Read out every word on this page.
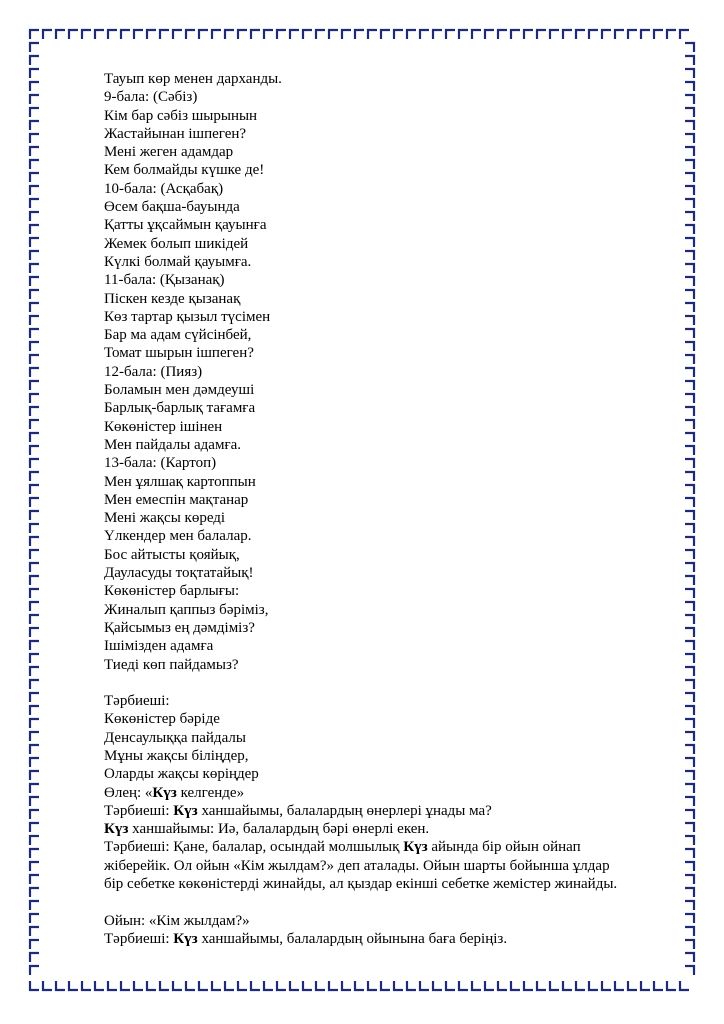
Тауып көр менен дарханды.
9-бала: (Сәбіз)
Кім бар сәбіз шырынын
Жастайынан ішпеген?
Мені жеген адамдар
Кем болмайды күшке де!
10-бала: (Асқабақ)
Өсем бақша-бауында
Қатты ұқсаймын қауынға
Жемек болып шикідей
Күлкі болмай қауымға.
11-бала: (Қызанақ)
Піскен кезде қызанақ
Көз тартар қызыл түсімен
Бар ма адам сүйсінбей,
Томат шырын ішпеген?
12-бала: (Пияз)
Боламын мен дәмдеуші
Барлық-барлық тағамға
Көкөністер ішінен
Мен пайдалы адамға.
13-бала: (Картоп)
Мен ұялшақ картоппын
Мен емеспін мақтанар
Мені жақсы көреді
Үлкендер мен балалар.
Бос айтысты қояйық,
Дауласуды тоқтатайық!
Көкөністер барлығы:
Жиналып қаппыз бәріміз,
Қайсымыз ең дәмдіміз?
Ішімізден адамға
Тиеді көп пайдамыз?
Тәрбиеші:
Көкөністер бәріде
Денсаулыққа пайдалы
Мұны жақсы біліңдер,
Оларды жақсы көріңдер
Өлең: «Күз келгенде»
Тәрбиеші: Күз ханшайымы, балалардың өнерлері ұнады ма?
Күз ханшайымы: Иә, балалардың бәрі өнерлі екен.
Тәрбиеші: Қане, балалар, осындай молшылық Күз айында бір ойын ойнап
жіберейік. Ол ойын «Кім жылдам?» деп аталады. Ойын шарты бойынша ұлдар
бір себетке көкөністерді жинайды, ал қыздар екінші себетке жемістер жинайды.
Ойын: «Кім жылдам?»
Тәрбиеші: Күз ханшайымы, балалардың ойынына баға беріңіз.
